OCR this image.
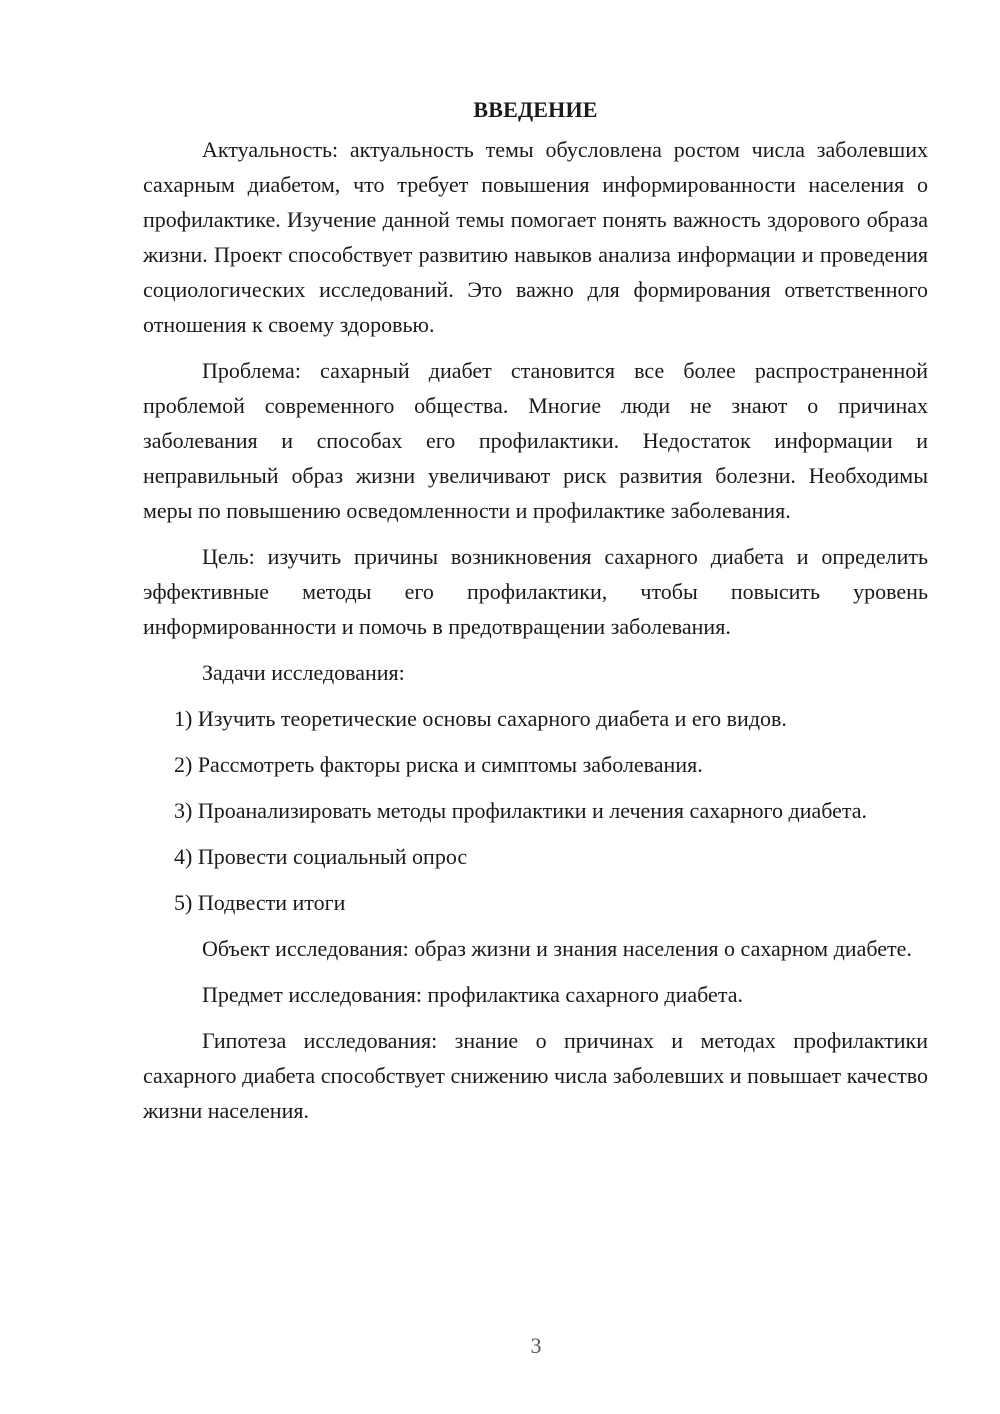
ВВЕДЕНИЕ

Актуальность: актуальность темы обусловлена ростом числа заболевших сахарным диабетом, что требует повышения информированности населения о профилактике. Изучение данной темы помогает понять важность здорового образа жизни. Проект способствует развитию навыков анализа информации и проведения социологических исследований. Это важно для формирования ответственного отношения к своему здоровью.

Проблема: сахарный диабет становится все более распространенной проблемой современного общества. Многие люди не знают о причинах заболевания и способах его профилактики. Недостаток информации и неправильный образ жизни увеличивают риск развития болезни. Необходимы меры по повышению осведомленности и профилактике заболевания.

Цель: изучить причины возникновения сахарного диабета и определить эффективные методы его профилактики, чтобы повысить уровень информированности и помочь в предотвращении заболевания.

Задачи исследования:

1) Изучить теоретические основы сахарного диабета и его видов.

2) Рассмотреть факторы риска и симптомы заболевания.

3) Проанализировать методы профилактики и лечения сахарного диабета.

4) Провести социальный опрос

5) Подвести итоги

Объект исследования: образ жизни и знания населения о сахарном диабете.

Предмет исследования: профилактика сахарного диабета.

Гипотеза исследования: знание о причинах и методах профилактики сахарного диабета способствует снижению числа заболевших и повышает качество жизни населения.

3
